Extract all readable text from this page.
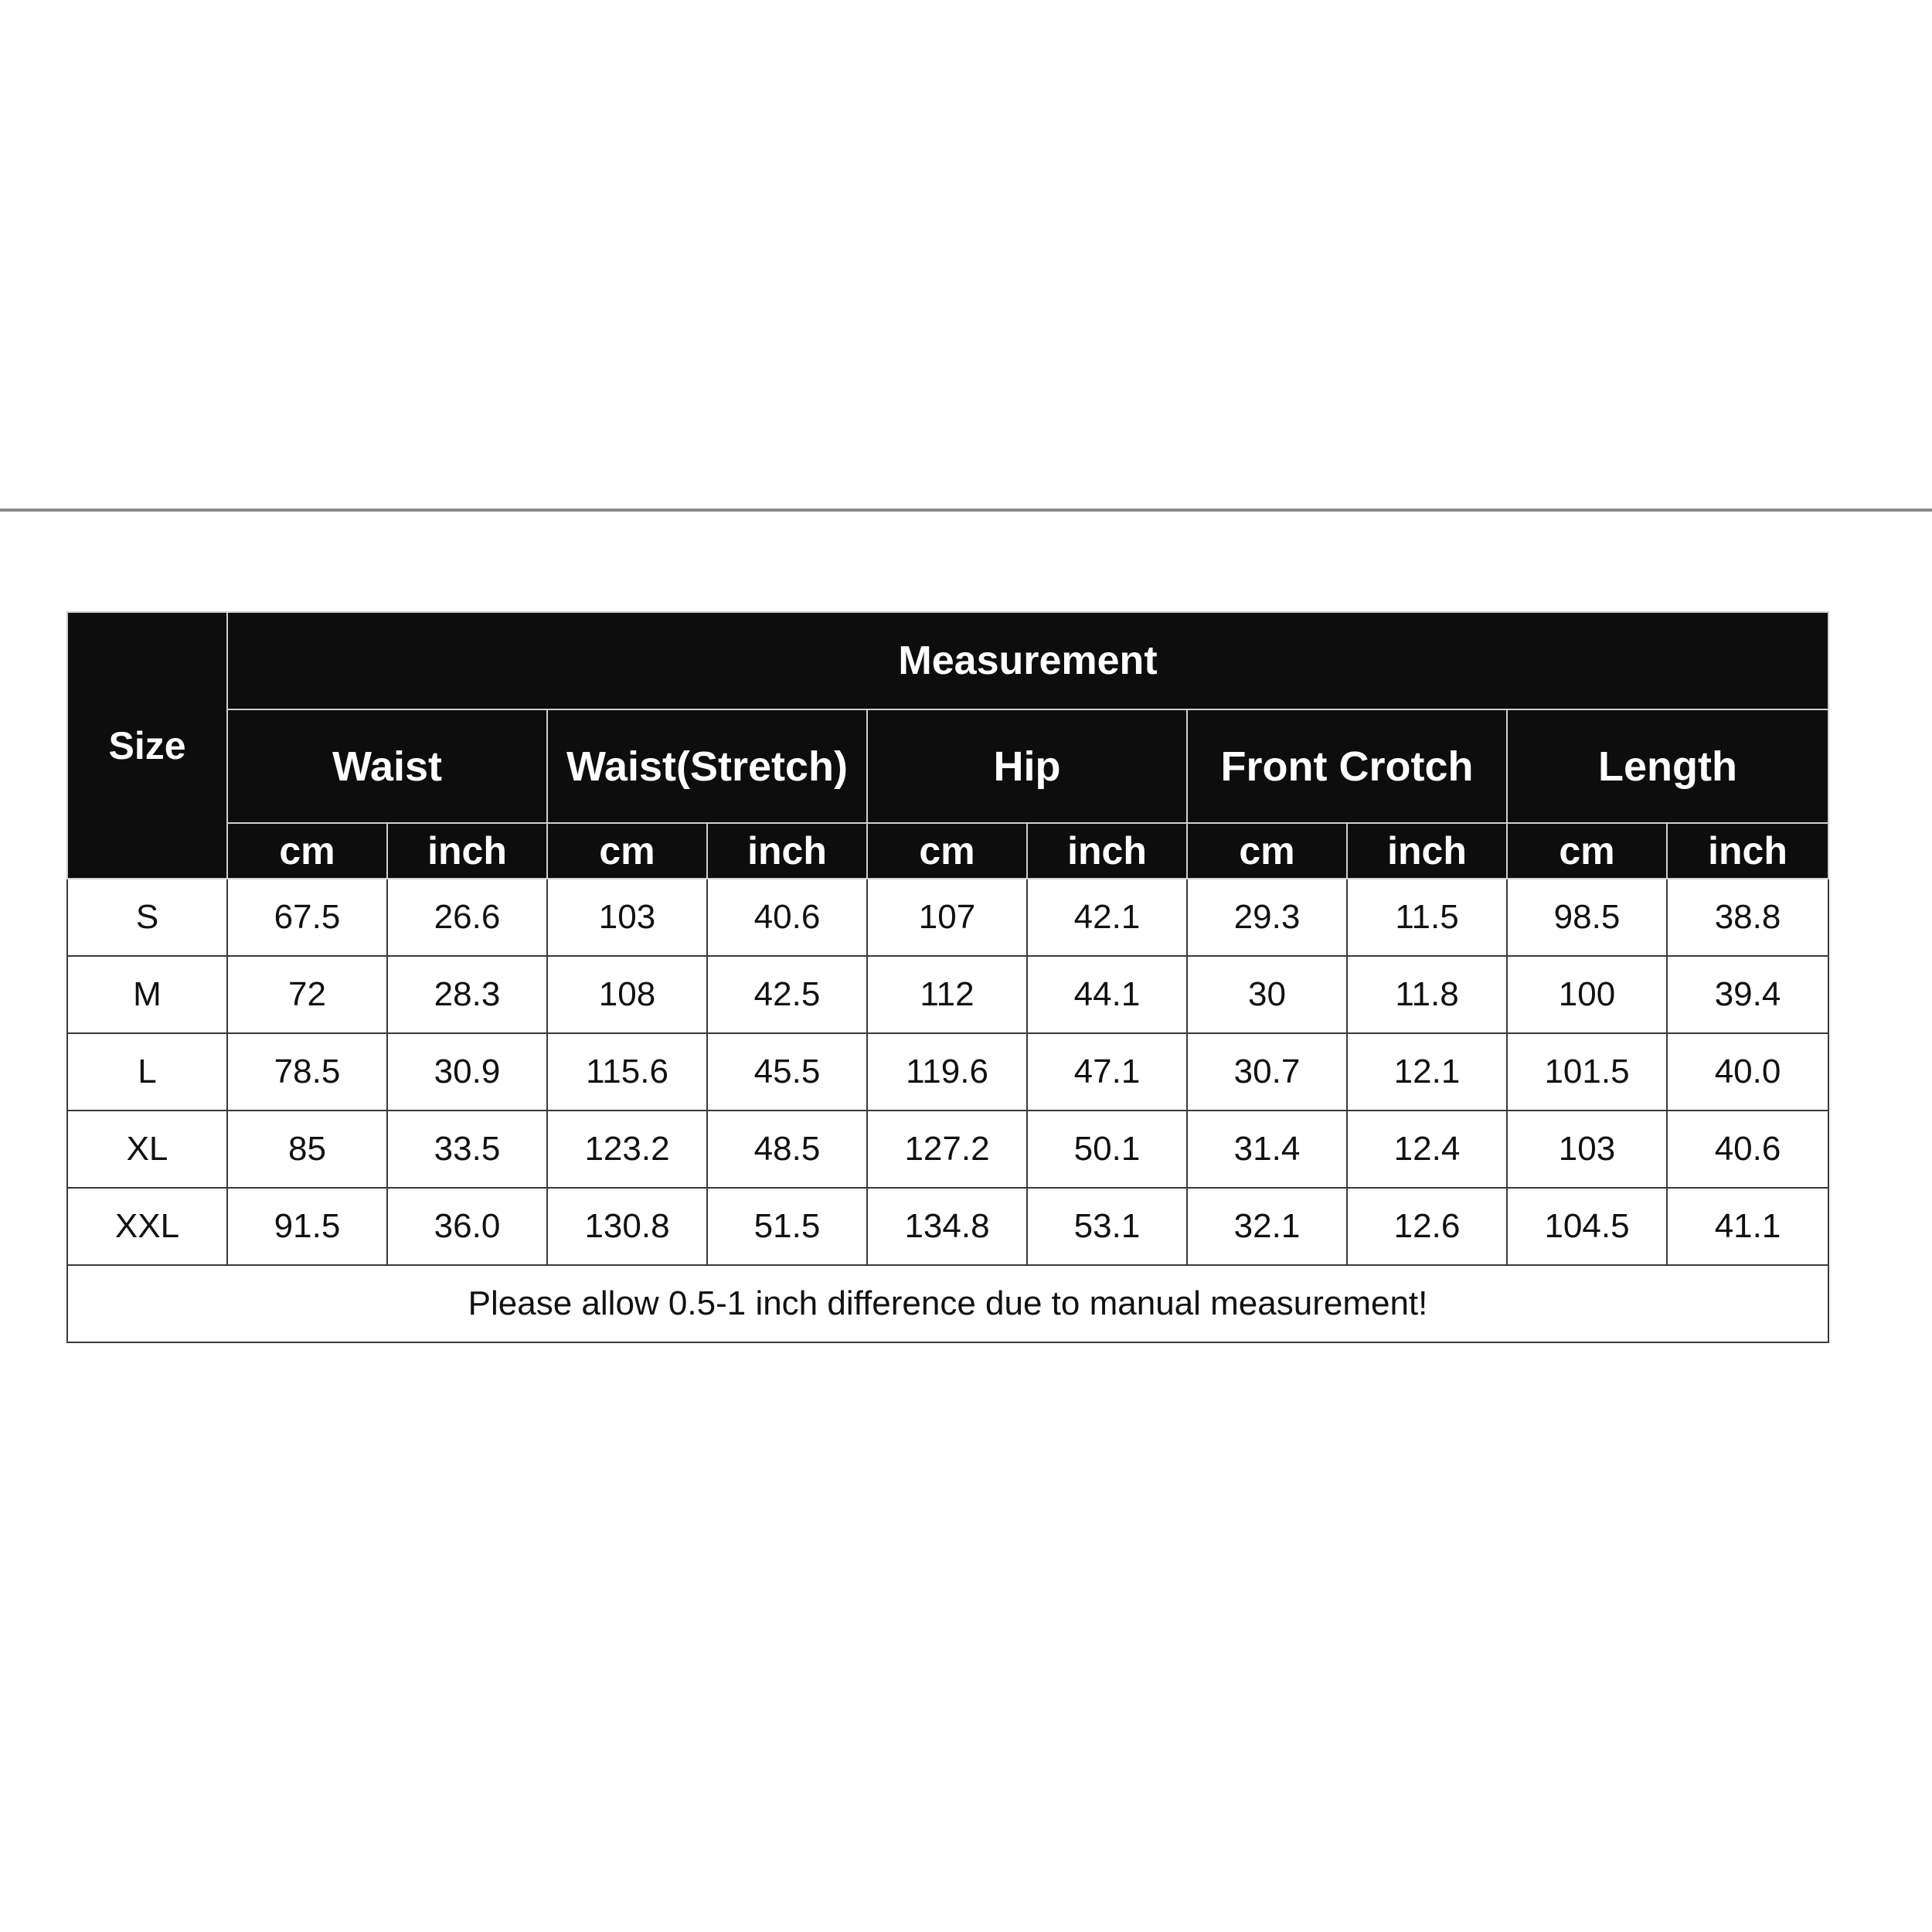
Size	Measurement									
	Waist		Waist(Stretch)		Hip		Front Crotch		Length	
	cm	inch	cm	inch	cm	inch	cm	inch	cm	inch
S	67.5	26.6	103	40.6	107	42.1	29.3	11.5	98.5	38.8
M	72	28.3	108	42.5	112	44.1	30	11.8	100	39.4
L	78.5	30.9	115.6	45.5	119.6	47.1	30.7	12.1	101.5	40.0
XL	85	33.5	123.2	48.5	127.2	50.1	31.4	12.4	103	40.6
XXL	91.5	36.0	130.8	51.5	134.8	53.1	32.1	12.6	104.5	41.1
Please allow 0.5-1 inch difference due to manual measurement!										
